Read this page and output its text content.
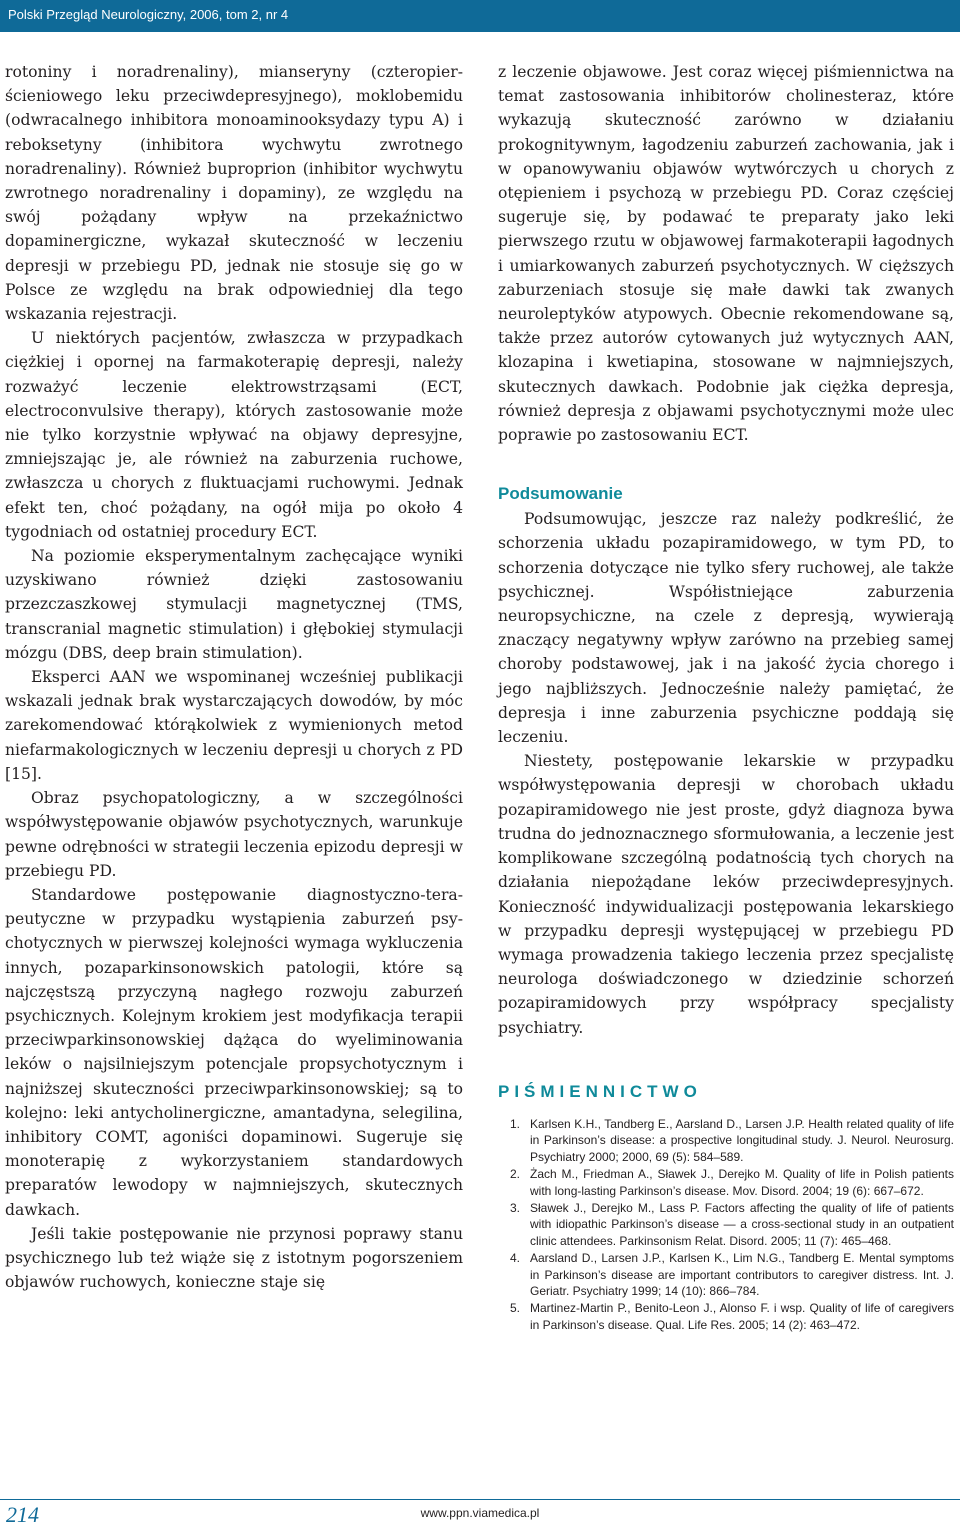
Polski Przegląd Neurologiczny, 2006, tom 2, nr 4

rotoniny i noradrenaliny), mianseryny (czteropierścieniowego leku przeciwdepresyjnego), moklobemidu (odwracalnego inhibitora monoaminooksydazy typu A) i reboksetyny (inhibitora wychwytu zwrotnego noradrenaliny). Również buproprion (inhibitor wychwytu zwrotnego noradrenaliny i dopaminy), ze względu na swój pożądany wpływ na przekaźnictwo dopaminergiczne, wykazał skuteczność w leczeniu depresji w przebiegu PD, jednak nie stosuje się go w Polsce ze względu na brak odpowiedniej dla tego wskazania rejestracji.

U niektórych pacjentów, zwłaszcza w przypadkach ciężkiej i opornej na farmakoterapię depresji, należy rozważyć leczenie elektrowstrząsami (ECT, electroconvulsive therapy), których zastosowanie może nie tylko korzystnie wpływać na objawy depresyjne, zmniejszając je, ale również na zaburzenia ruchowe, zwłaszcza u chorych z fluktuacjami ruchowymi. Jednak efekt ten, choć pożądany, na ogół mija po około 4 tygodniach od ostatniej procedury ECT.

Na poziomie eksperymentalnym zachęcające wyniki uzyskiwano również dzięki zastosowaniu przezczaszkowej stymulacji magnetycznej (TMS, transcranial magnetic stimulation) i głębokiej stymulacji mózgu (DBS, deep brain stimulation).

Eksperci AAN we wspominanej wcześniej publikacji wskazali jednak brak wystarczających dowodów, by móc zarekomendować którąkolwiek z wymienionych metod niefarmakologicznych w leczeniu depresji u chorych z PD [15].

Obraz psychopatologiczny, a w szczególności współwystępowanie objawów psychotycznych, warunkuje pewne odrębności w strategii leczenia epizodu depresji w przebiegu PD.

Standardowe postępowanie diagnostyczno-terapeutyczne w przypadku wystąpienia zaburzeń psychotycznych w pierwszej kolejności wymaga wykluczenia innych, pozaparkinsonowskich patologii, które są najczęstszą przyczyną nagłego rozwoju zaburzeń psychicznych. Kolejnym krokiem jest modyfikacja terapii przeciwparkinsonowskiej dążąca do wyeliminowania leków o najsilniejszym potencjale propsychotycznym i najniższej skuteczności przeciwparkinsonowskiej; są to kolejno: leki antycholinergiczne, amantadyna, selegilina, inhibitory COMT, agoniści dopaminowi. Sugeruje się monoterapię z wykorzystaniem standardowych preparatów lewodopy w najmniejszych, skutecznych dawkach.

Jeśli takie postępowanie nie przynosi poprawy stanu psychicznego lub też wiąże się z istotnym pogorszeniem objawów ruchowych, konieczne staje się

z leczenie objawowe. Jest coraz więcej piśmiennictwa na temat zastosowania inhibitorów cholinesteraz, które wykazują skuteczność zarówno w działaniu prokognitywnym, łagodzeniu zaburzeń zachowania, jak i w opanowywaniu objawów wytwórczych u chorych z otępieniem i psychozą w przebiegu PD. Coraz częściej sugeruje się, by podawać te preparaty jako leki pierwszego rzutu w objawowej farmakoterapii łagodnych i umiarkowanych zaburzeń psychotycznych. W cięższych zaburzeniach stosuje się małe dawki tak zwanych neuroleptyków atypowych. Obecnie rekomendowane są, także przez autorów cytowanych już wytycznych AAN, klozapina i kwetiapina, stosowane w najmniejszych, skutecznych dawkach. Podobnie jak ciężka depresja, również depresja z objawami psychotycznymi może ulec poprawie po zastosowaniu ECT.

Podsumowanie

Podsumowując, jeszcze raz należy podkreślić, że schorzenia układu pozapiramidowego, w tym PD, to schorzenia dotyczące nie tylko sfery ruchowej, ale także psychicznej. Współistniejące zaburzenia neuropsychiczne, na czele z depresją, wywierają znaczący negatywny wpływ zarówno na przebieg samej choroby podstawowej, jak i na jakość życia chorego i jego najbliższych. Jednocześnie należy pamiętać, że depresja i inne zaburzenia psychiczne poddają się leczeniu.

Niestety, postępowanie lekarskie w przypadku współwystępowania depresji w chorobach układu pozapiramidowego nie jest proste, gdyż diagnoza bywa trudna do jednoznacznego sformułowania, a leczenie jest komplikowane szczególną podatnością tych chorych na działania niepożądane leków przeciwdepresyjnych. Konieczność indywidualizacji postępowania lekarskiego w przypadku depresji występującej w przebiegu PD wymaga prowadzenia takiego leczenia przez specjalistę neurologa doświadczonego w dziedzinie schorzeń pozapiramidowych przy współpracy specjalisty psychiatry.

PIŚMIENNICTWO
1. Karlsen K.H., Tandberg E., Aarsland D., Larsen J.P. Health related quality of life in Parkinson’s disease: a prospective longitudinal study. J. Neurol. Neurosurg. Psychiatry 2000; 2000, 69 (5): 584–589.
2. Żach M., Friedman A., Sławek J., Derejko M. Quality of life in Polish patients with long-lasting Parkinson’s disease. Mov. Disord. 2004; 19 (6): 667–672.
3. Sławek J., Derejko M., Lass P. Factors affecting the quality of life of patients with idiopathic Parkinson’s disease — a cross-sectional study in an outpatient clinic attendees. Parkinsonism Relat. Disord. 2005; 11 (7): 465–468.
4. Aarsland D., Larsen J.P., Karlsen K., Lim N.G., Tandberg E. Mental symptoms in Parkinson’s disease are important contributors to caregiver distress. Int. J. Geriatr. Psychiatry 1999; 14 (10): 866–784.
5. Martinez-Martin P., Benito-Leon J., Alonso F. i wsp. Quality of life of caregivers in Parkinson’s disease. Qual. Life Res. 2005; 14 (2): 463–472.
214	www.ppn.viamedica.pl
